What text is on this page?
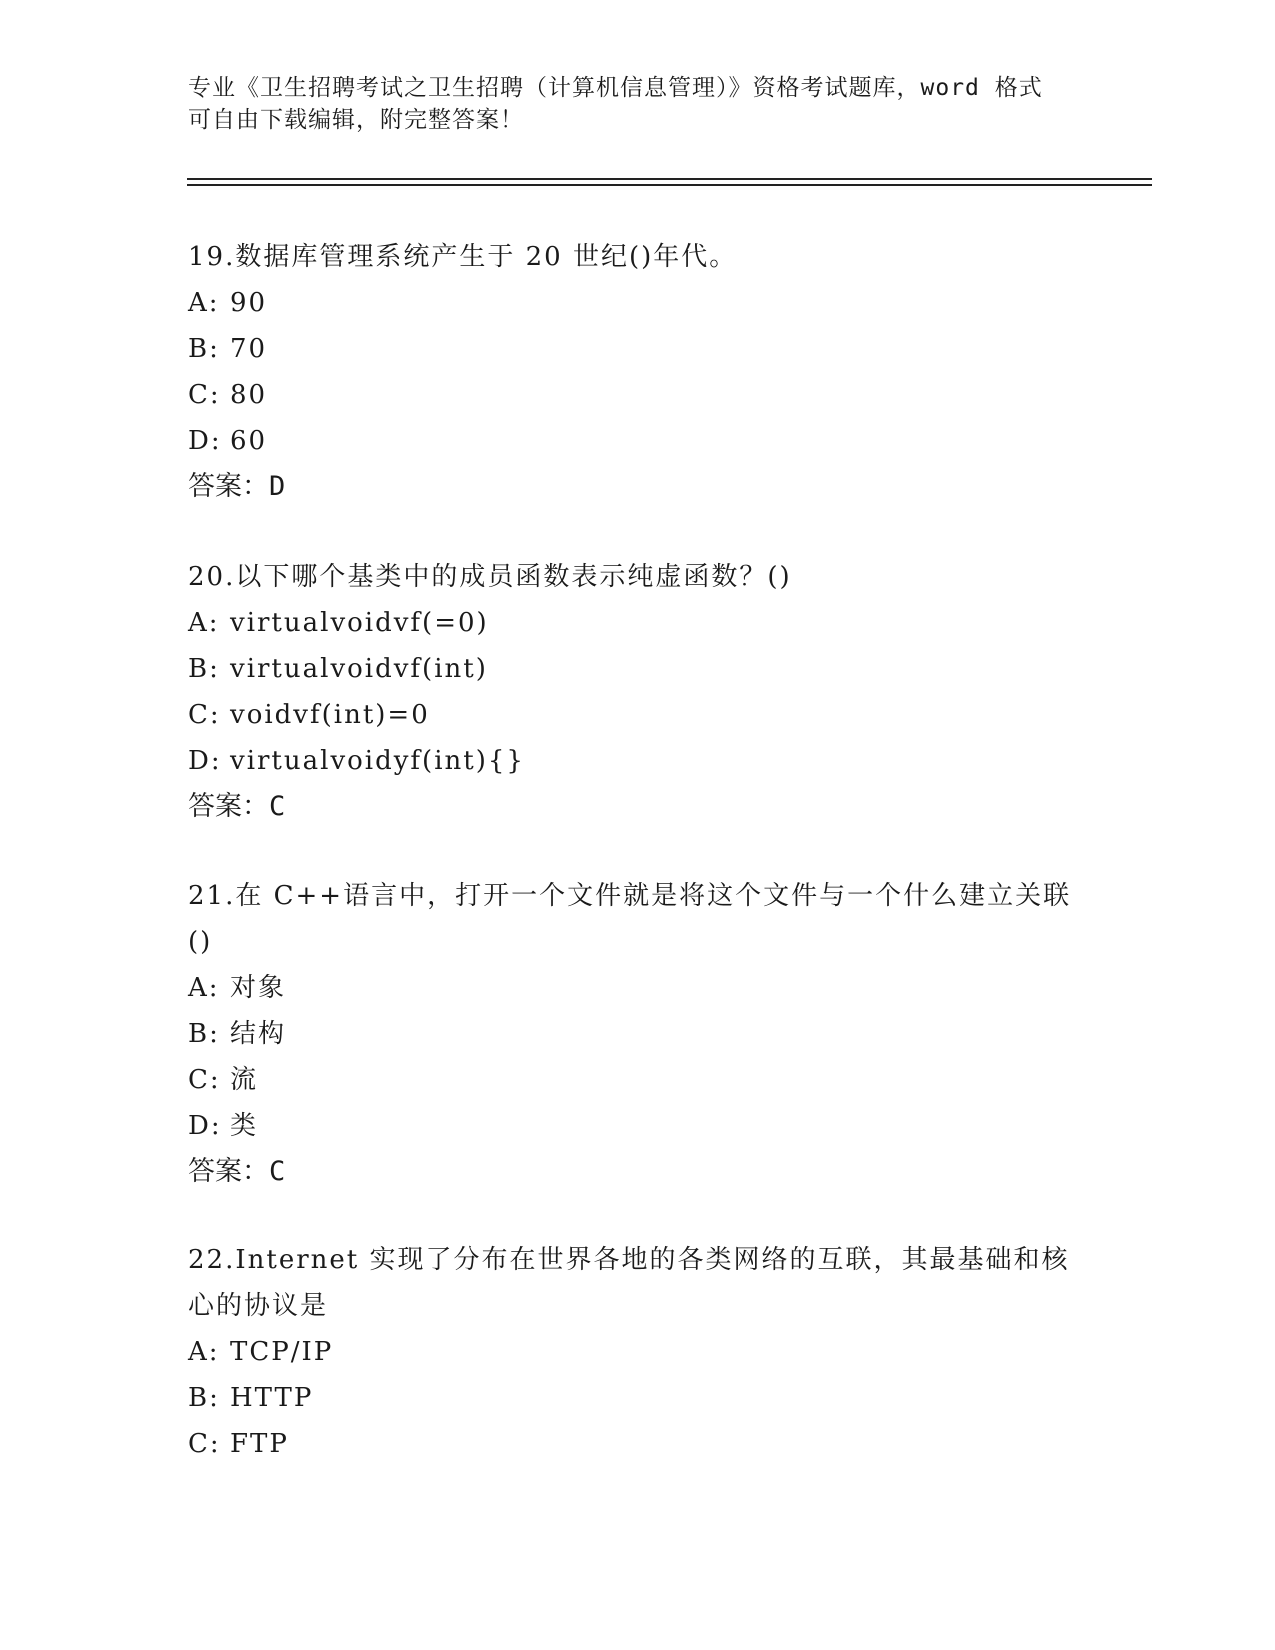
专业《卫生招聘考试之卫生招聘（计算机信息管理）》资格考试题库，word 格式
可自由下载编辑，附完整答案！
19.数据库管理系统产生于 20 世纪()年代。
A: 90
B: 70
C: 80
D: 60
答案：D
20.以下哪个基类中的成员函数表示纯虚函数？()
A: virtualvoidvf(=0)
B: virtualvoidvf(int)
C: voidvf(int)=0
D: virtualvoidyf(int){}
答案：C
21.在 C++语言中，打开一个文件就是将这个文件与一个什么建立关联
()
A: 对象
B: 结构
C: 流
D: 类
答案：C
22.Internet 实现了分布在世界各地的各类网络的互联，其最基础和核
心的协议是
A: TCP/IP
B: HTTP
C: FTP
